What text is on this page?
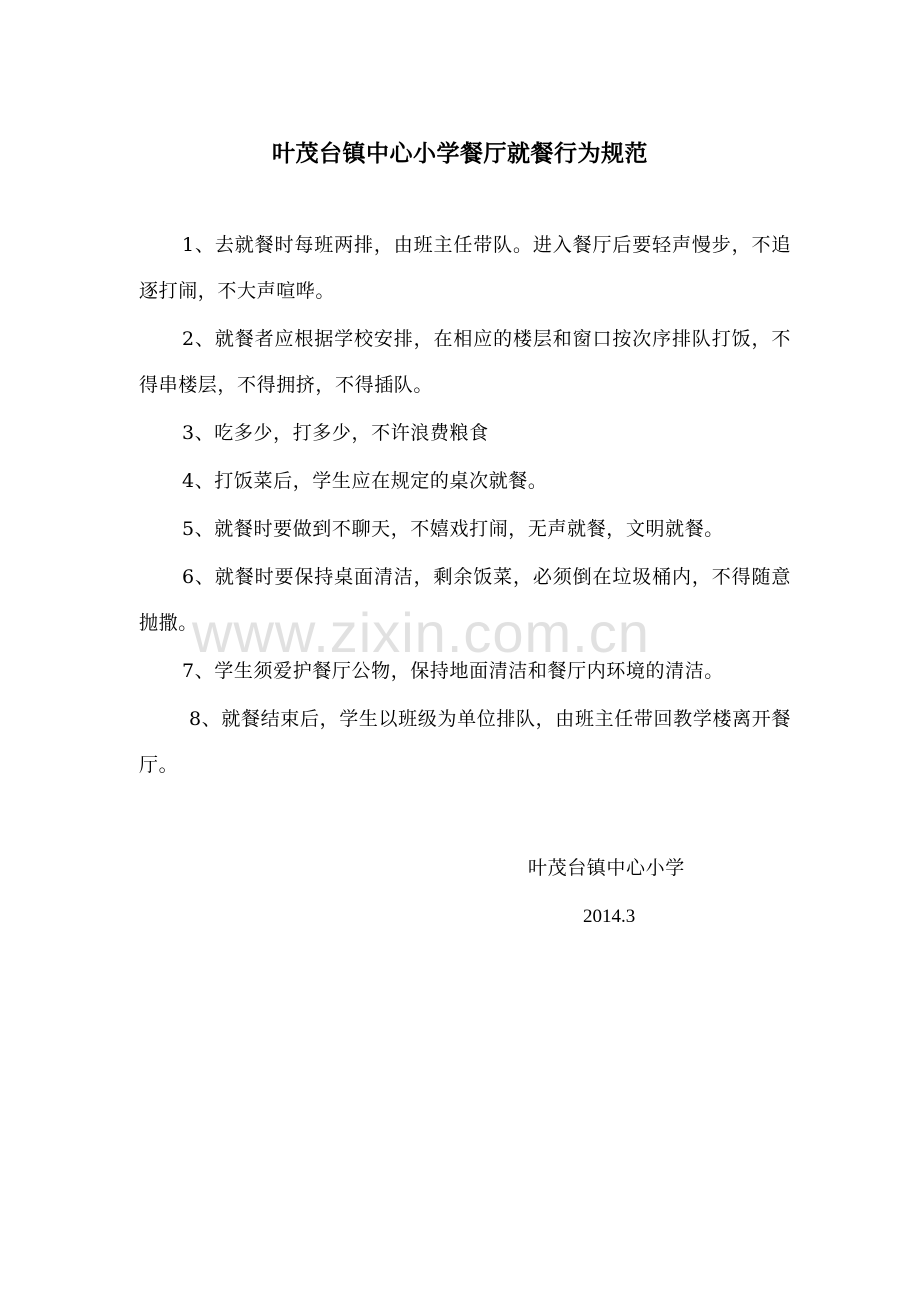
叶茂台镇中心小学餐厅就餐行为规范

1、去就餐时每班两排，由班主任带队。进入餐厅后要轻声慢步，不追逐打闹，不大声喧哗。

2、就餐者应根据学校安排，在相应的楼层和窗口按次序排队打饭，不得串楼层，不得拥挤，不得插队。

3、吃多少，打多少，不许浪费粮食

4、打饭菜后，学生应在规定的桌次就餐。

5、就餐时要做到不聊天，不嬉戏打闹，无声就餐，文明就餐。

6、就餐时要保持桌面清洁，剩余饭菜，必须倒在垃圾桶内，不得随意抛撒。

7、学生须爱护餐厅公物，保持地面清洁和餐厅内环境的清洁。

8、就餐结束后，学生以班级为单位排队，由班主任带回教学楼离开餐厅。

叶茂台镇中心小学
2014.3
www.zixin.com.cn
